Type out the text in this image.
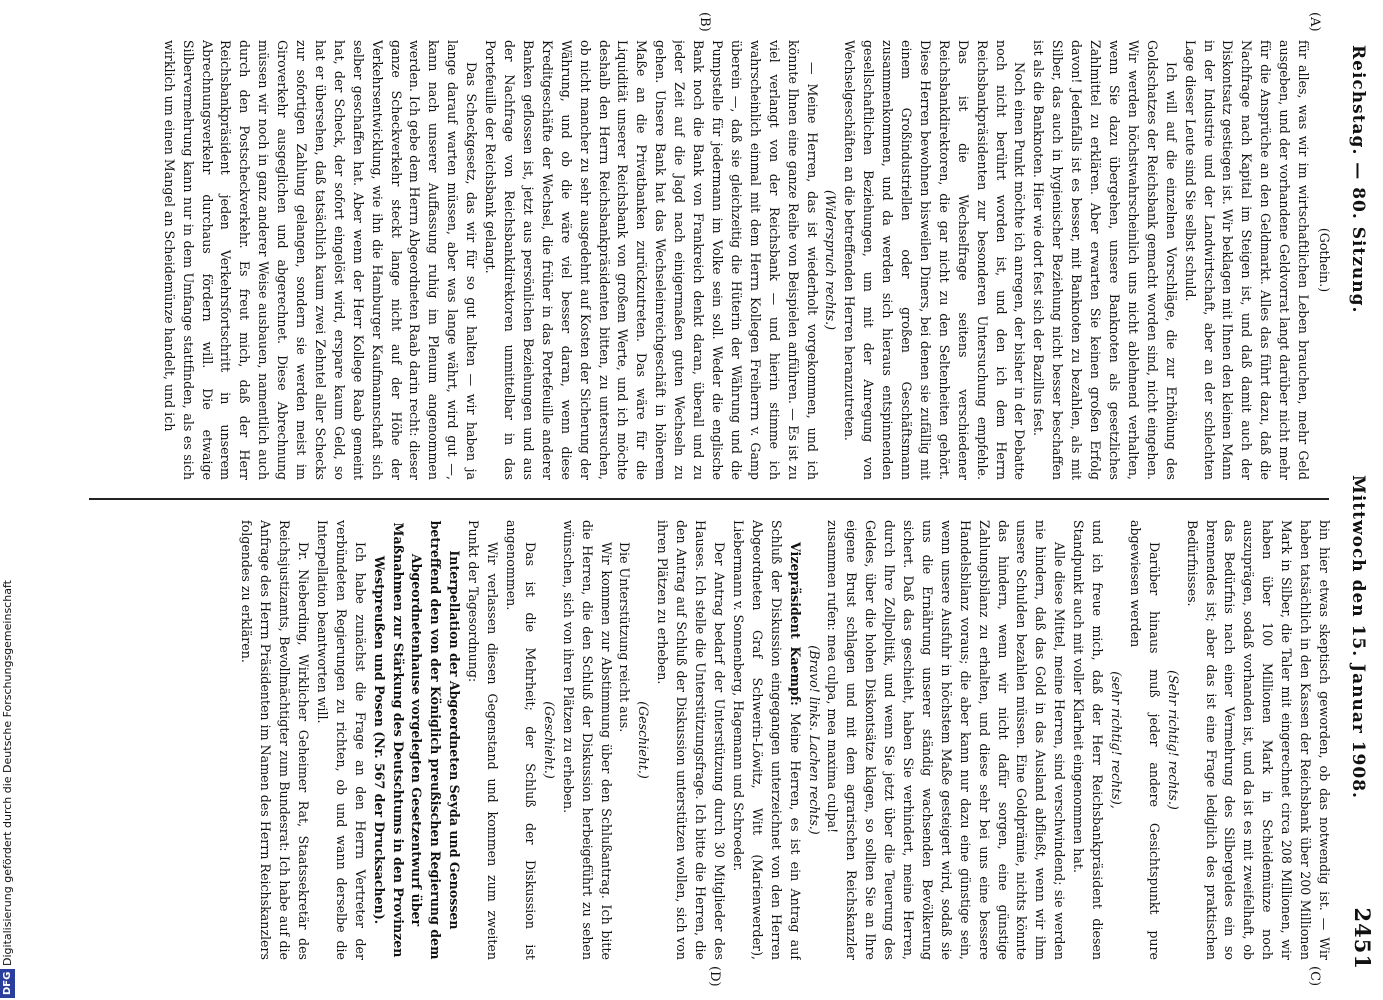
Reichstag. — 80. Sitzung.
Mittwoch den 15. Januar 1908.
2451
(A)
(B)
(C)
(D)
(Gothein.)

für alles, was wir im wirtschaftlichen Leben brauchen, mehr Geld ausgeben, und der vorhandene Geldvorrat langt darüber nicht mehr für die Ansprüche an den Geldmarkt. Alles das führt dazu, daß die Nachfrage nach Kapital im Steigen ist, und daß damit auch der Diskontsatz gestiegen ist. Wir beklagen mit Ihnen den kleinen Mann in der Industrie und der Landwirtschaft, aber an der schlechten Lage dieser Leute sind Sie selbst schuld.

Ich will auf die einzelnen Vorschläge, die zur Erhöhung des Goldschatzes der Reichsbank gemacht worden sind, nicht eingehen. Wir werden höchstwahrscheinlich uns nicht ablehnend verhalten, wenn Sie dazu übergehen, unsere Banknoten als gesetzliches Zahlmittel zu erklären. Aber erwarten Sie keinen großen Erfolg davon! Jedenfalls ist es besser, mit Banknoten zu bezahlen, als mit Silber, das auch in hygienischer Beziehung nicht besser beschaffen ist als die Banknoten. Hier wie dort fest sich der Bazillus fest.

Noch einen Punkt möchte ich anregen, der bisher in der Debatte noch nicht berührt worden ist, und den ich dem Herrn Reichsbankpräsidenten zur besonderen Untersuchung empfehle. Das ist die Wechselfrage seitens verschiedener Reichsbankdirektoren, die gar nicht zu den Seltenheiten gehört. Diese Herren bewohnen bisweilen Diners, bei denen sie zufällig mit einem Großindustriellen oder großen Geschäftsmann zusammenkommen, und da werden sich hieraus entspinnenden gesellschaftlichen Beziehungen, um mit der Anregung von Wechselgeschäften an die betreffenden Herren heranzutreten.

(Widerspruch rechts.)

— Meine Herren, das ist wiederholt vorgekommen, und ich könnte Ihnen eine ganze Reihe von Beispielen anführen. — Es ist zu viel verlangt von der Reichsbank — und hierin stimme ich wahrscheinlich einmal mit dem Herrn Kollegen Freiherrn v. Gamp überein —, daß sie gleichzeitig die Hüterin der Währung und die Pumpstelle für jedermann im Volke sein soll. Weder die englische Bank noch die Bank von Frankreich denkt daran, überall und zu jeder Zeit auf die Jagd nach einigermaßen guten Wechseln zu gehen. Unsere Bank hat das Wechseleinreichgeschäft in höherem Maße an die Privatbanken zurückzutreten. Das wäre für die Liquidität unserer Reichsbank von großem Werte, und ich möchte deshalb den Herrn Reichsbankpräsidenten bitten, zu untersuchen, ob nicht mancher zu sehr ausgedehnt auf Kosten der Sicherung der Währung, und ob die wäre viel besser daran, wenn diese Kreditgeschäfte der Wechsel, die früher in das Portefeuille anderer Banken geflossen ist, jetzt aus persönlichen Beziehungen und aus der Nachfrage von Reichsbankdirektoren unmittelbar in das Portefeuille der Reichsbank gelangt.

Das Scheckgesetz, das wir für so gut halten — wir haben ja lange darauf warten müssen, aber was lange währt, wird gut —, kann nach unserer Auffassung ruhig im Plenum angenommen werden. Ich gebe dem Herrn Abgeordneten Raab darin recht: dieser ganze Scheckverkehr steckt lange nicht auf der Höhe der Verkehrsentwicklung, wie ihn die Hamburger Kaufmannschaft sich selber geschaffen hat. Aber wenn der Herr Kollege Raab gemeint hat, der Scheck, der sofort eingelöst wird, erspare kaum Geld, so hat er übersehen, daß tatsächlich kaum zwei Zehntel aller Schecks zur sofortigen Zahlung gelangen, sondern sie werden meist im Giroverkehr ausgeglichen und abgerechnet. Diese Abrechnung müssen wir noch in ganz anderer Weise ausbauen, namentlich auch durch den Postscheckverkehr. Es freut mich, daß der Herr Reichsbankpräsident jeden Verkehrsfortschritt in unserem Abrechnungsverkehr durchaus fördern will. Die etwaige Silbervermehrung kann nur in dem Umfange stattfinden, als es sich wirklich um einen Mangel an Scheidemünze handelt, und ich

bin hier etwas skeptisch geworden, ob das notwendig ist. — Wir haben tatsächlich in den Kassen der Reichsbank über 200 Millionen Mark in Silber, die Taler mit eingerechnet circa 208 Millionen, wir haben über 100 Millionen Mark in Scheidemünze noch auszuprägen, sodaß vorhanden ist, und da ist es mit zweifelhaft, ob das Bedürfnis nach einer Vermehrung des Silbergeldes ein so brennendes ist; aber das ist eine Frage lediglich des praktischen Bedürfnisses.

(Sehr richtig! rechts.)

Darüber hinaus muß jeder andere Gesichtspunkt pure abgewiesen werden

(sehr richtig! rechts),

und ich freue mich, daß der Herr Reichsbankpräsident diesen Standpunkt auch mit voller Klarheit eingenommen hat.

Alle diese Mittel, meine Herren, sind verschwindend; sie werden nie hindern, daß das Gold in das Ausland abfließt, wenn wir ihm unsere Schulden bezahlen müssen. Eine Goldprämie, nichts könnte das hindern, wenn wir nicht dafür sorgen, eine günstige Zahlungsbilanz zu erhalten, und diese sehr bei uns eine bessere Handelsbilanz voraus; die aber kann nur dazu eine günstige sein, wenn unsere Ausfuhr in höchstem Maße gesteigert wird, sodaß sie uns die Ernährung unserer ständig wachsenden Bevölkerung sichert. Daß das geschieht, haben Sie verhindert, meine Herren, durch Ihre Zollpolitik, und wenn Sie jetzt über die Teuerung des Geldes, über die hohen Diskontsätze klagen, so sollten Sie an Ihre eigene Brust schlagen und mit dem agrarischen Reichskanzler zusammen rufen: mea culpa, mea maxima culpa!

(Bravo! links. Lachen rechts.)

Vizepräsident Kaempf: Meine Herren, es ist ein Antrag auf Schluß der Diskussion eingegangen unterzeichnet von den Herren Abgeordneten Graf Schwerin-Löwitz, Witt (Marienwerder), Liebermann v. Sonnenberg, Hagemann und Schroeder.

Der Antrag bedarf der Unterstützung durch 30 Mitglieder des Hauses. Ich stelle die Unterstützungsfrage. Ich bitte die Herren, die den Antrag auf Schluß der Diskussion unterstützen wollen, sich von ihren Plätzen zu erheben.

(Geschieht.)

Die Unterstützung reicht aus.

Wir kommen zur Abstimmung über den Schlußantrag. Ich bitte die Herren, die den Schluß der Diskussion herbeigeführt zu sehen wünschen, sich von ihren Plätzen zu erheben.

(Geschieht.)

Das ist die Mehrheit; der Schluß der Diskussion ist angenommen.

Wir verlassen diesen Gegenstand und kommen zum zweiten Punkt der Tagesordnung:

Interpellation der Abgeordneten Seyda und Genossen betreffend den von der Königlich preußischen Regierung dem Abgeordnetenhause vorgelegten Gesetzentwurf über Maßnahmen zur Stärkung des Deutschtums in den Provinzen Westpreußen und Posen (Nr. 567 der Drucksachen).

Ich habe zunächst die Frage an den Herrn Vertreter der verbündeten Regierungen zu richten, ob und wann derselbe die Interpellation beantworten will.

Dr. Nieberding, Wirklicher Geheimer Rat, Staatssekretär des Reichsjustizamts, Bevollmächtigter zum Bundesrat: Ich habe auf die Anfrage des Herrn Präsidenten im Namen des Herrn Reichskanzlers folgendes zu erklären.

Digitalisierung gefördert durch die Deutsche Forschungsgemeinschaft
DFG
